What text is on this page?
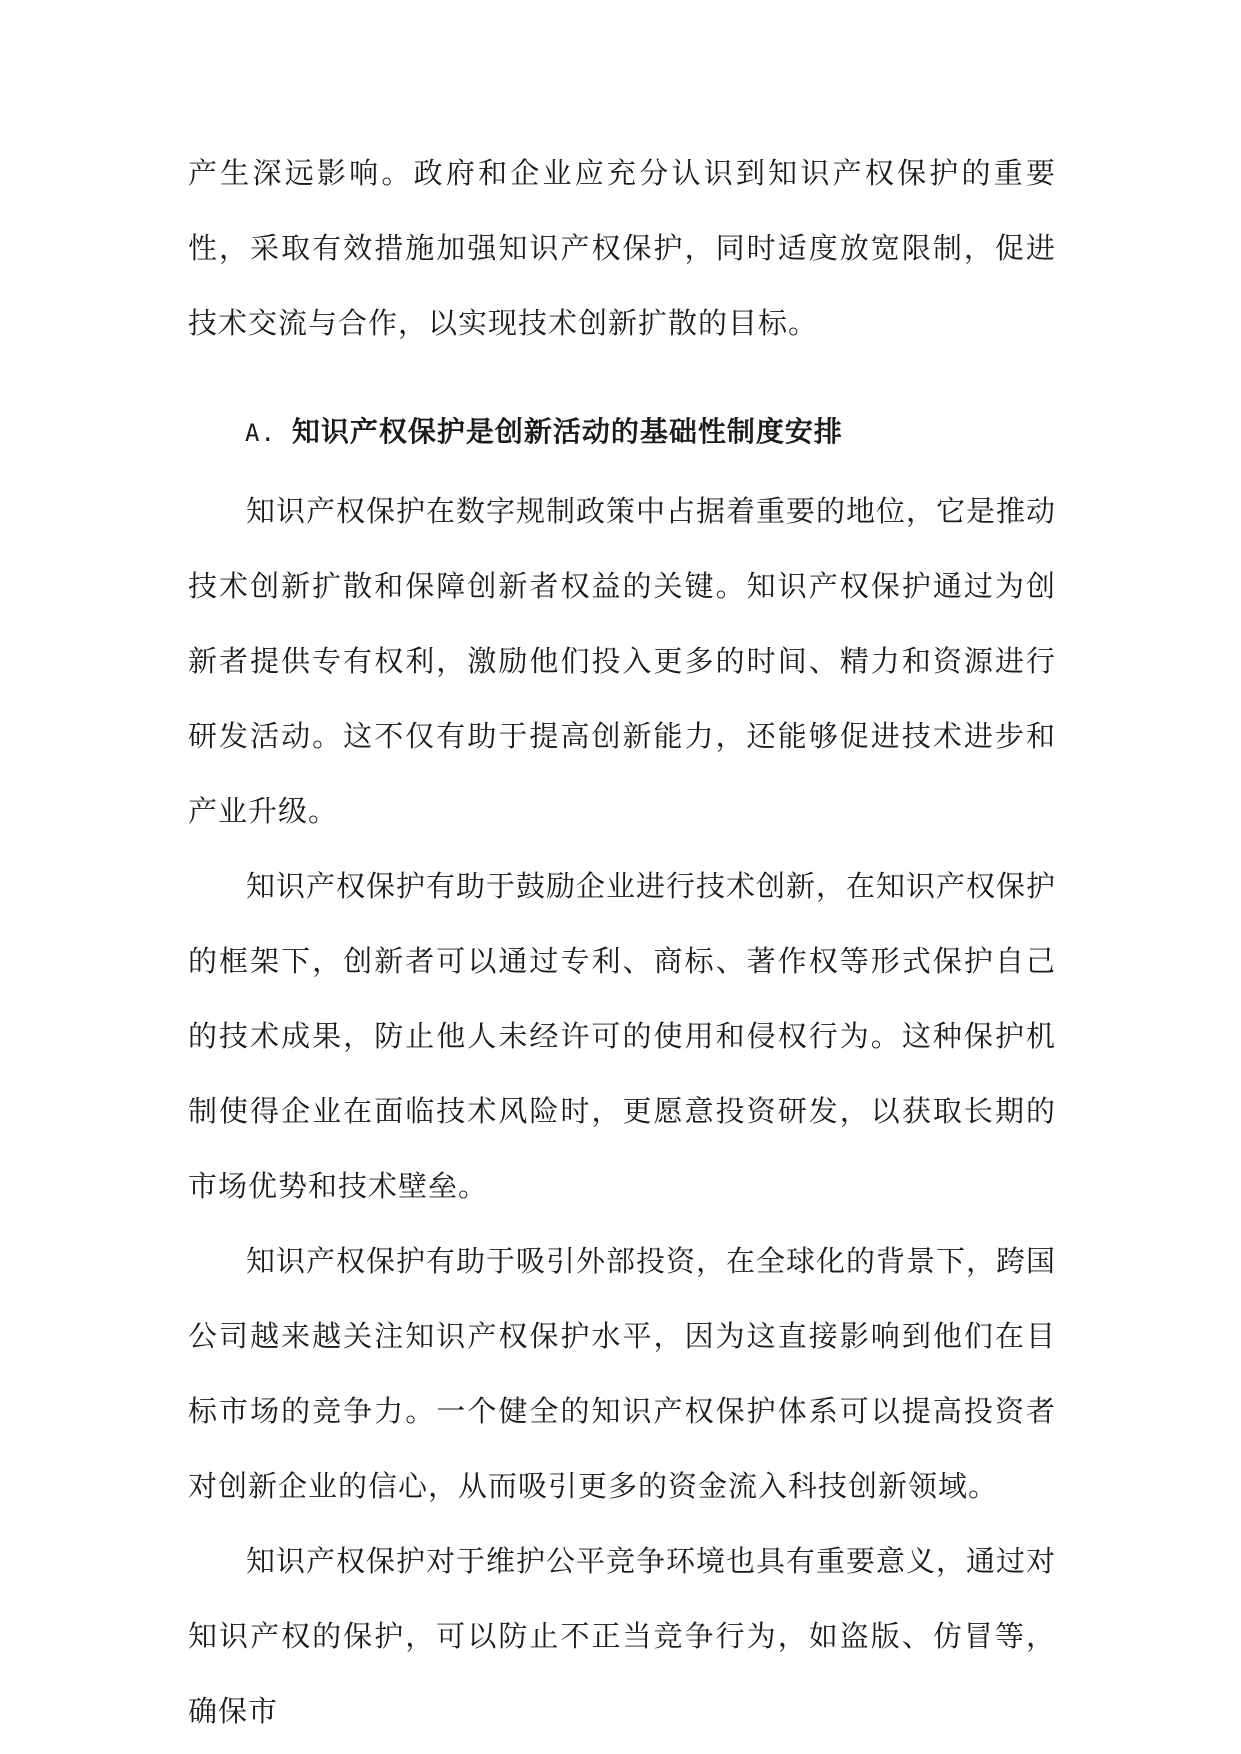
产生深远影响。政府和企业应充分认识到知识产权保护的重要性，采取有效措施加强知识产权保护，同时适度放宽限制，促进技术交流与合作，以实现技术创新扩散的目标。

A. 知识产权保护是创新活动的基础性制度安排

知识产权保护在数字规制政策中占据着重要的地位，它是推动技术创新扩散和保障创新者权益的关键。知识产权保护通过为创新者提供专有权利，激励他们投入更多的时间、精力和资源进行研发活动。这不仅有助于提高创新能力，还能够促进技术进步和产业升级。

知识产权保护有助于鼓励企业进行技术创新，在知识产权保护的框架下，创新者可以通过专利、商标、著作权等形式保护自己的技术成果，防止他人未经许可的使用和侵权行为。这种保护机制使得企业在面临技术风险时，更愿意投资研发，以获取长期的市场优势和技术壁垒。

知识产权保护有助于吸引外部投资，在全球化的背景下，跨国公司越来越关注知识产权保护水平，因为这直接影响到他们在目标市场的竞争力。一个健全的知识产权保护体系可以提高投资者对创新企业的信心，从而吸引更多的资金流入科技创新领域。

知识产权保护对于维护公平竞争环境也具有重要意义，通过对知识产权的保护，可以防止不正当竞争行为，如盗版、仿冒等，确保市
